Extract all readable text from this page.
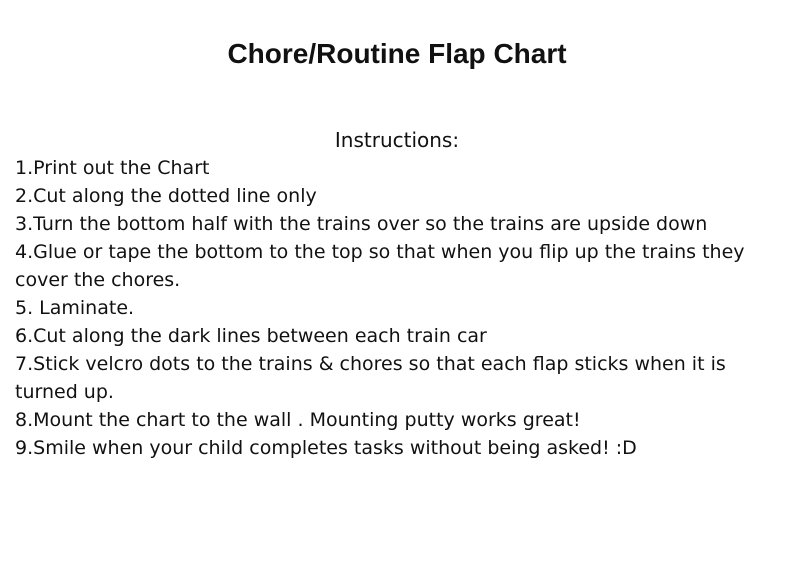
Chore/Routine Flap Chart

Instructions:

1.Print out the Chart
2.Cut along the dotted line only
3.Turn the bottom half with the trains over so the trains are upside down
4.Glue or tape the bottom to the top so that when you flip up the trains they cover the chores.
5. Laminate.
6.Cut along the dark lines between each train car
7.Stick velcro dots to the trains & chores so that each flap sticks when it is turned up.
8.Mount the chart to the wall . Mounting putty works great!
9.Smile when your child completes tasks without being asked! :D
